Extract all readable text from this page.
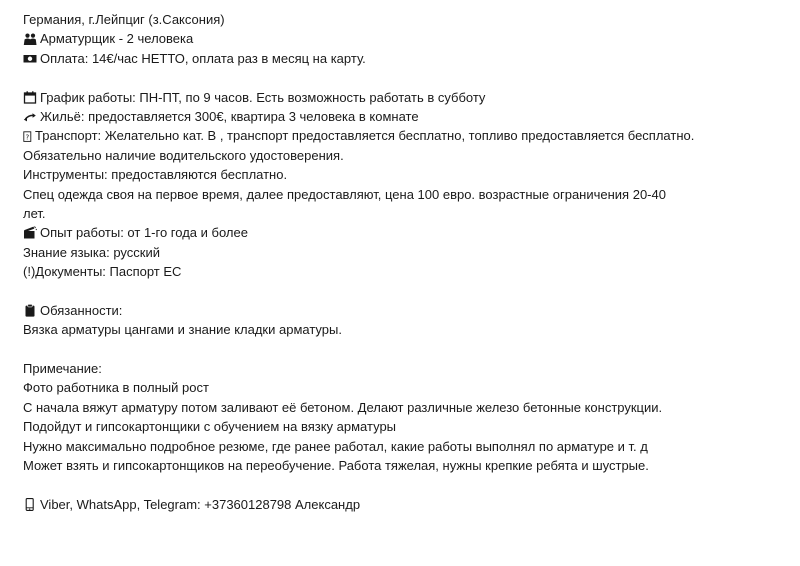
Германия, г.Лейпциг (з.Саксония)
Арматурщик - 2 человека
Оплата: 14€/час НЕТТО, оплата раз в месяц на карту.
График работы: ПН-ПТ, по 9 часов. Есть возможность работать в субботу
Жильё: предоставляется 300€, квартира 3 человека в комнате
? Транспорт: Желательно кат. В , транспорт предоставляется бесплатно, топливо предоставляется бесплатно.
Обязательно наличие водительского удостоверения.
Инструменты: предоставляются бесплатно.
Спец одежда своя на первое время, далее предоставляют, цена 100 евро. возрастные ограничения 20-40
лет.
Опыт работы: от 1-го года и более
Знание языка: русский
(!)Документы: Паспорт ЕС
Обязанности:
Вязка арматуры цангами и знание кладки арматуры.
Примечание:
Фото работника в полный рост
С начала вяжут арматуру потом заливают её бетоном. Делают различные железо бетонные конструкции.
Подойдут и гипсокартонщики с обучением на вязку арматуры
Нужно максимально подробное резюме, где ранее работал, какие работы выполнял по арматуре и т. д
Может взять и гипсокартонщиков на переобучение. Работа тяжелая, нужны крепкие ребята и шустрые.
Viber, WhatsApp, Telegram: +37360128798 Александр
